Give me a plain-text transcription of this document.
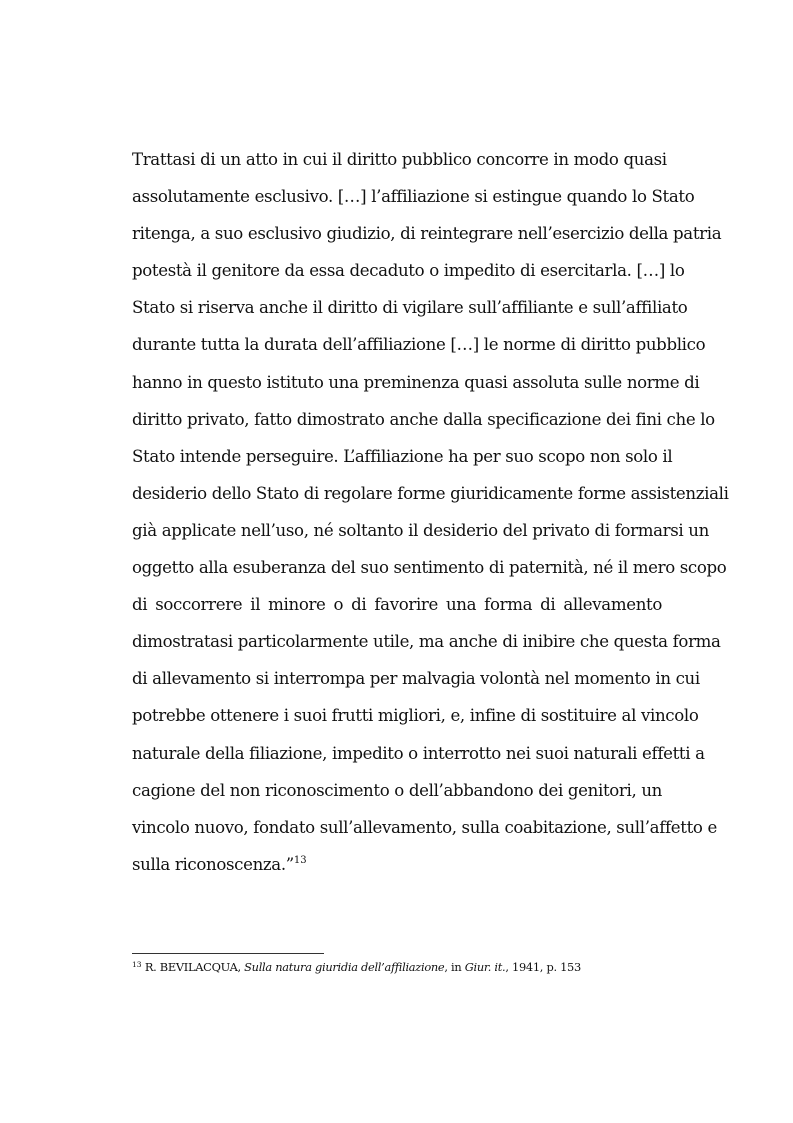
Trattasi di un atto in cui il diritto pubblico concorre in modo quasi
assolutamente esclusivo. […] l’affiliazione si estingue quando lo Stato
ritenga, a suo esclusivo giudizio, di reintegrare nell’esercizio della patria
potestà il genitore da essa decaduto o impedito di esercitarla. […] lo
Stato si riserva anche il diritto di vigilare sull’affiliante e sull’affiliato
durante tutta la durata dell’affiliazione […] le norme di diritto pubblico
hanno in questo istituto una preminenza quasi assoluta sulle norme di
diritto privato, fatto dimostrato anche dalla specificazione dei fini che lo
Stato intende perseguire. L’affiliazione ha per suo scopo non solo il
desiderio dello Stato di regolare forme giuridicamente forme assistenziali
già applicate nell’uso, né soltanto il desiderio del privato di formarsi un
oggetto alla esuberanza del suo sentimento di paternità, né il mero scopo
di soccorrere il minore o di favorire una forma di allevamento
dimostratasi particolarmente utile, ma anche di inibire che questa forma
di allevamento si interrompa per malvagia volontà nel momento in cui
potrebbe ottenere i suoi frutti migliori, e, infine di sostituire al vincolo
naturale della filiazione, impedito o interrotto nei suoi naturali effetti a
cagione del non riconoscimento o dell’abbandono dei genitori, un
vincolo nuovo, fondato sull’allevamento, sulla coabitazione, sull’affetto e
sulla riconoscenza.”$^{13}$
$^{13}$ R. BEVILACQUA, Sulla natura giuridia dell’affiliazione, in Giur. it., 1941, p. 153
